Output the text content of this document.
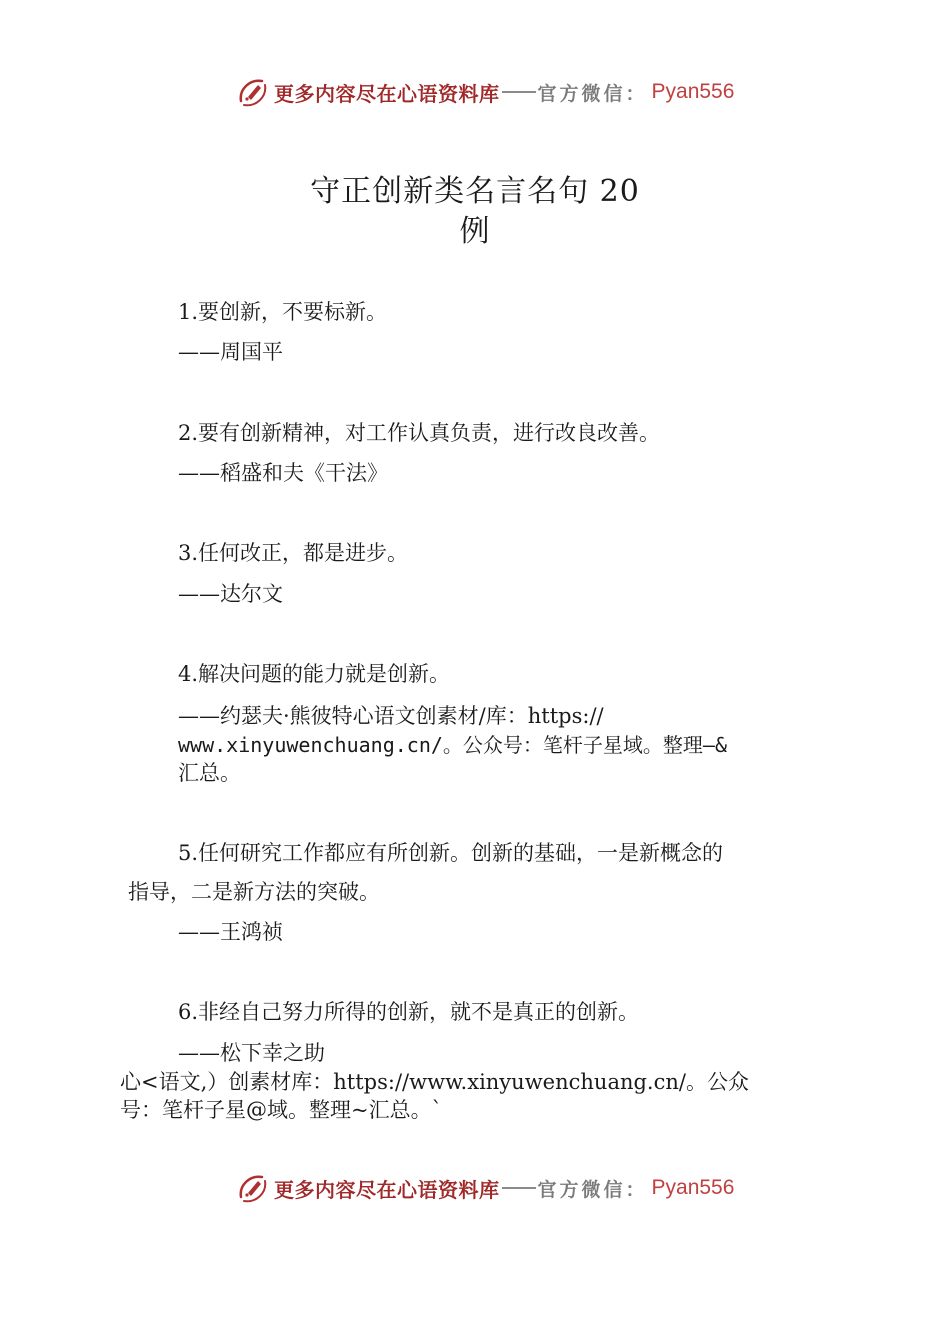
更多内容尽在心语资料库 官方微信： Pyan556
守正创新类名言名句 20
例
1.要创新，不要标新。
——周国平
2.要有创新精神，对工作认真负责，进行改良改善。
——稻盛和夫《干法》
3.任何改正，都是进步。
——达尔文
4.解决问题的能力就是创新。
——约瑟夫·熊彼特心语文创素材/库：https://
www.xinyuwenchuang.cn/。公众号：笔杆子星域。整理—&
汇总。
5.任何研究工作都应有所创新。创新的基础，一是新概念的
指导，二是新方法的突破。
——王鸿祯
6.非经自己努力所得的创新，就不是真正的创新。
——松下幸之助
心<语文,）创素材库：https://www.xinyuwenchuang.cn/。公众
号：笔杆子星@域。整理~汇总。`
更多内容尽在心语资料库 官方微信： Pyan556
